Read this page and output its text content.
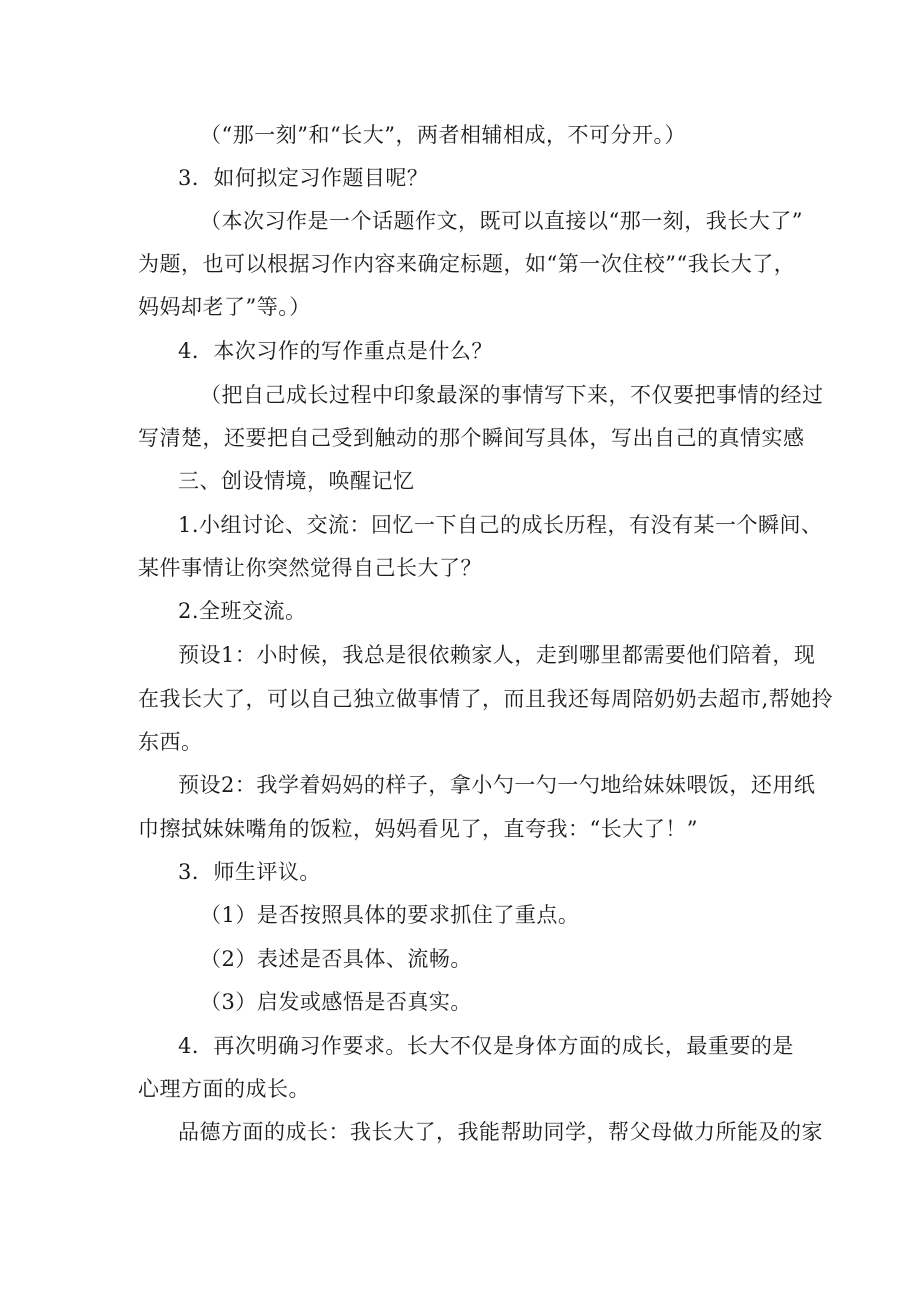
（“那一刻”和“长大”，两者相辅相成，不可分开。）
3．如何拟定习作题目呢？
（本次习作是一个话题作文，既可以直接以“那一刻，我长大了”
为题，也可以根据习作内容来确定标题，如“第一次住校”“我长大了，
妈妈却老了”等。）
4．本次习作的写作重点是什么？
（把自己成长过程中印象最深的事情写下来，不仅要把事情的经过
写清楚，还要把自己受到触动的那个瞬间写具体，写出自己的真情实感
三、创设情境，唤醒记忆
1.小组讨论、交流：回忆一下自己的成长历程，有没有某一个瞬间、
某件事情让你突然觉得自己长大了？
2.全班交流。
预设1：小时候，我总是很依赖家人，走到哪里都需要他们陪着，现
在我长大了，可以自己独立做事情了，而且我还每周陪奶奶去超市,帮她拎
东西。
预设2：我学着妈妈的样子，拿小勺一勺一勺地给妹妹喂饭，还用纸
巾擦拭妹妹嘴角的饭粒，妈妈看见了，直夸我：“长大了！”
3．师生评议。
（1）是否按照具体的要求抓住了重点。
（2）表述是否具体、流畅。
（3）启发或感悟是否真实。
4．再次明确习作要求。长大不仅是身体方面的成长，最重要的是
心理方面的成长。
品德方面的成长：我长大了，我能帮助同学，帮父母做力所能及的家
